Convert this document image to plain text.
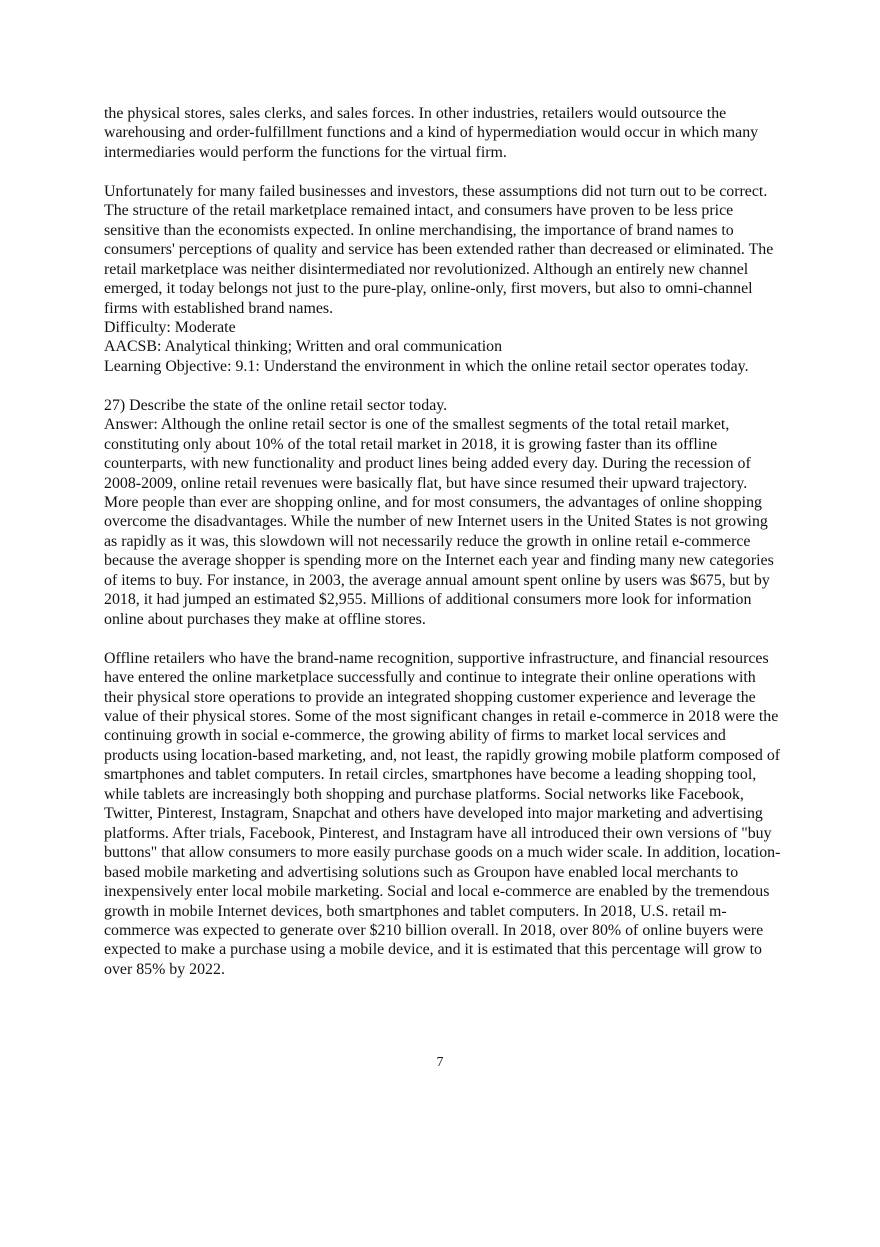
the physical stores, sales clerks, and sales forces. In other industries, retailers would outsource the warehousing and order-fulfillment functions and a kind of hypermediation would occur in which many intermediaries would perform the functions for the virtual firm.

Unfortunately for many failed businesses and investors, these assumptions did not turn out to be correct. The structure of the retail marketplace remained intact, and consumers have proven to be less price sensitive than the economists expected. In online merchandising, the importance of brand names to consumers' perceptions of quality and service has been extended rather than decreased or eliminated. The retail marketplace was neither disintermediated nor revolutionized. Although an entirely new channel emerged, it today belongs not just to the pure-play, online-only, first movers, but also to omni-channel firms with established brand names.

Difficulty: Moderate

AACSB: Analytical thinking; Written and oral communication

Learning Objective: 9.1: Understand the environment in which the online retail sector operates today.

27) Describe the state of the online retail sector today.

Answer: Although the online retail sector is one of the smallest segments of the total retail market, constituting only about 10% of the total retail market in 2018, it is growing faster than its offline counterparts, with new functionality and product lines being added every day. During the recession of 2008-2009, online retail revenues were basically flat, but have since resumed their upward trajectory. More people than ever are shopping online, and for most consumers, the advantages of online shopping overcome the disadvantages. While the number of new Internet users in the United States is not growing as rapidly as it was, this slowdown will not necessarily reduce the growth in online retail e-commerce because the average shopper is spending more on the Internet each year and finding many new categories of items to buy. For instance, in 2003, the average annual amount spent online by users was $675, but by 2018, it had jumped an estimated $2,955. Millions of additional consumers more look for information online about purchases they make at offline stores.

Offline retailers who have the brand-name recognition, supportive infrastructure, and financial resources have entered the online marketplace successfully and continue to integrate their online operations with their physical store operations to provide an integrated shopping customer experience and leverage the value of their physical stores. Some of the most significant changes in retail e-commerce in 2018 were the continuing growth in social e-commerce, the growing ability of firms to market local services and products using location-based marketing, and, not least, the rapidly growing mobile platform composed of smartphones and tablet computers. In retail circles, smartphones have become a leading shopping tool, while tablets are increasingly both shopping and purchase platforms. Social networks like Facebook, Twitter, Pinterest, Instagram, Snapchat and others have developed into major marketing and advertising platforms. After trials, Facebook, Pinterest, and Instagram have all introduced their own versions of "buy buttons" that allow consumers to more easily purchase goods on a much wider scale. In addition, location-based mobile marketing and advertising solutions such as Groupon have enabled local merchants to inexpensively enter local mobile marketing. Social and local e-commerce are enabled by the tremendous growth in mobile Internet devices, both smartphones and tablet computers. In 2018, U.S. retail m-commerce was expected to generate over $210 billion overall. In 2018, over 80% of online buyers were expected to make a purchase using a mobile device, and it is estimated that this percentage will grow to over 85% by 2022.

7
